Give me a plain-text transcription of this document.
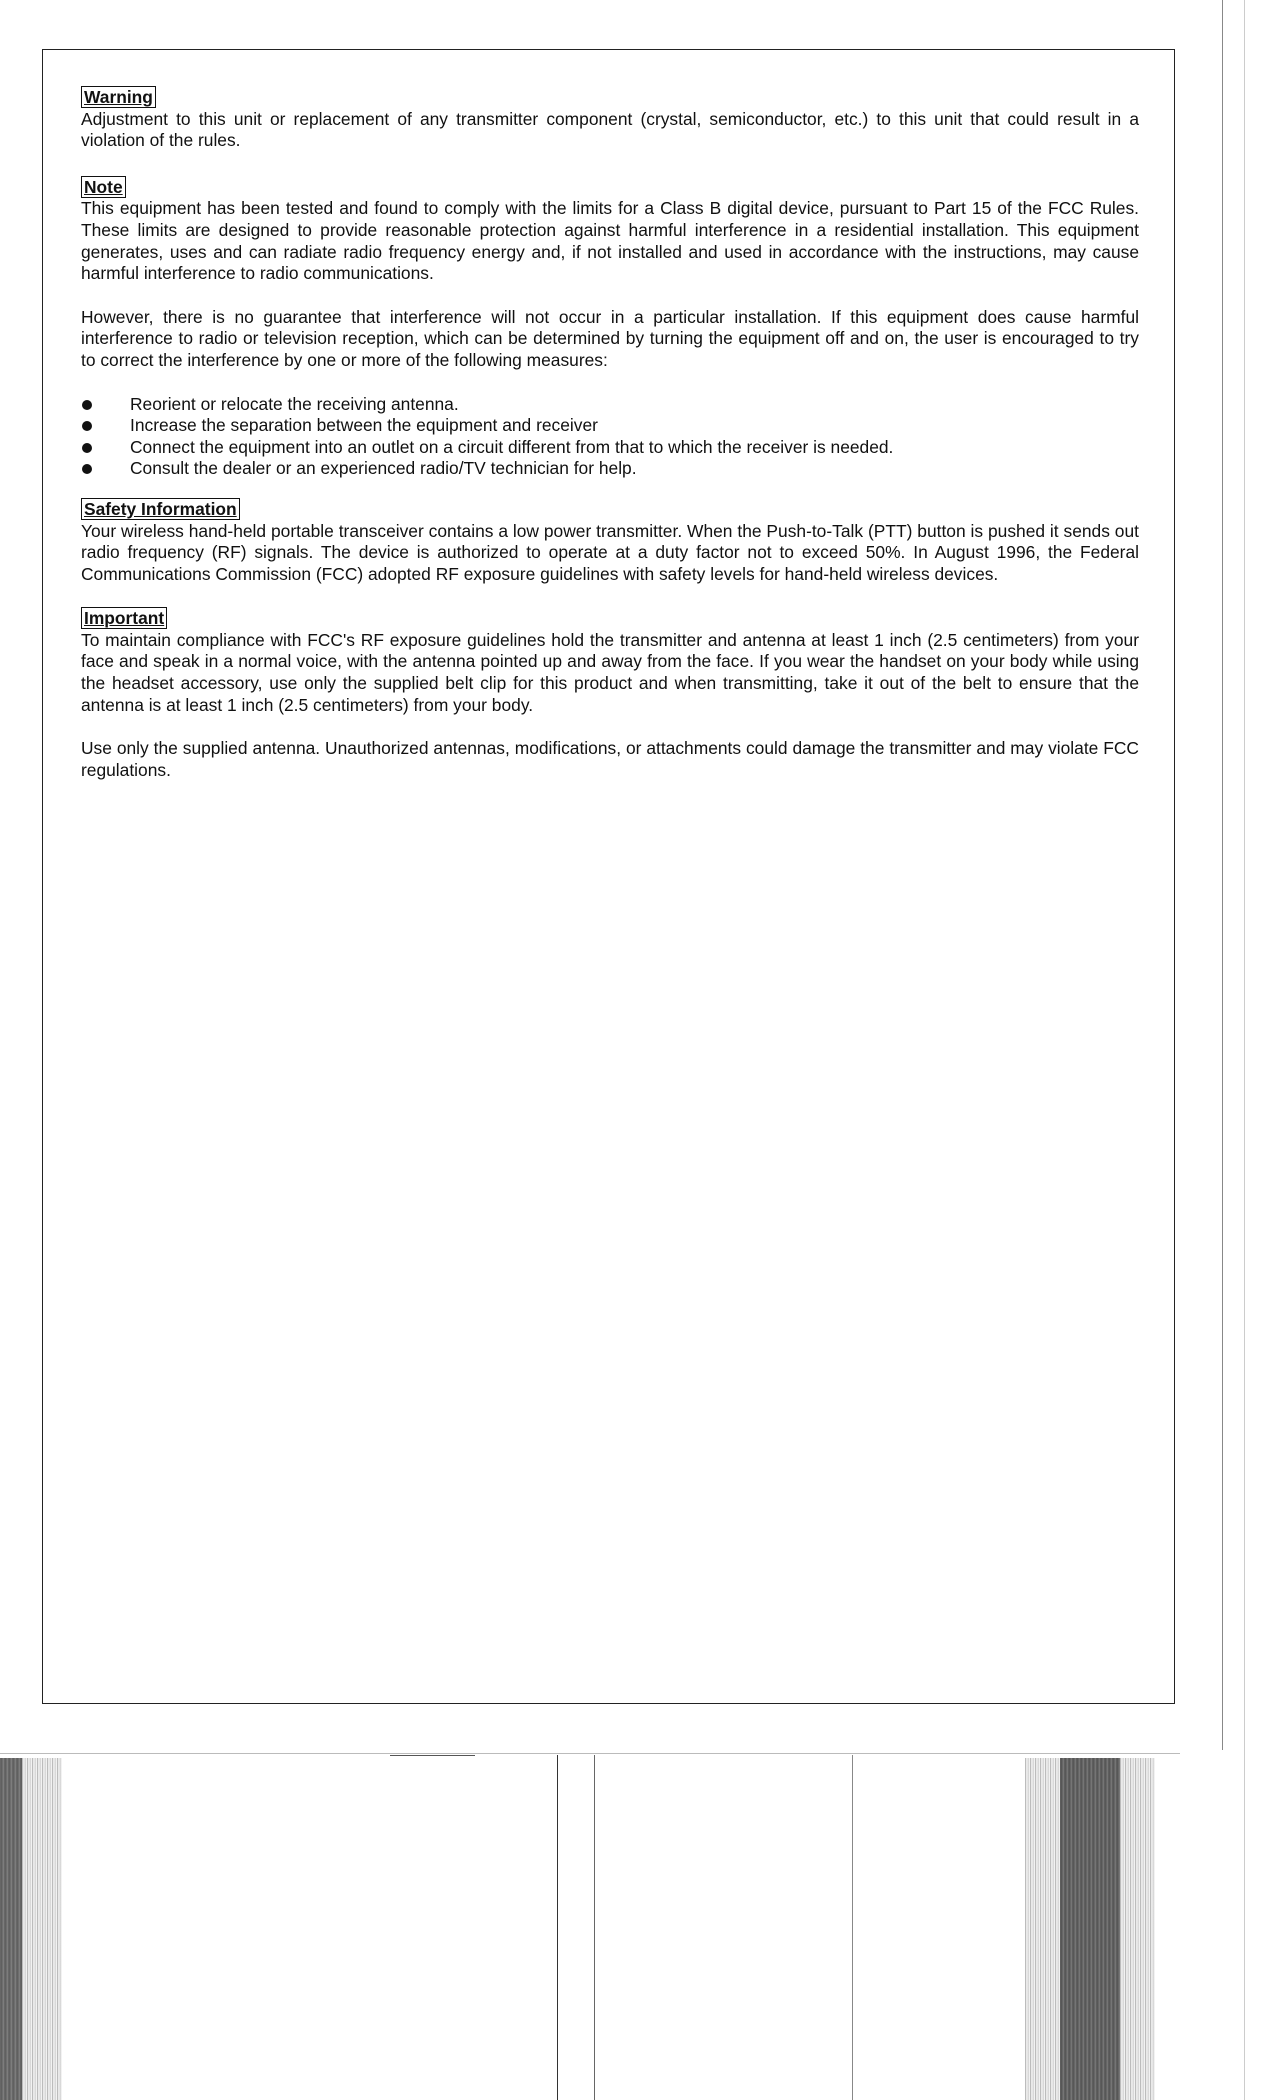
Warning

Adjustment to this unit or replacement of any transmitter component (crystal, semiconductor, etc.) to this unit that could result in a violation of the rules.

Note

This equipment has been tested and found to comply with the limits for a Class B digital device, pursuant to Part 15 of the FCC Rules. These limits are designed to provide reasonable protection against harmful interference in a residential installation. This equipment generates, uses and can radiate radio frequency energy and, if not installed and used in accordance with the instructions, may cause harmful interference to radio communications.

However, there is no guarantee that interference will not occur in a particular installation. If this equipment does cause harmful interference to radio or television reception, which can be determined by turning the equipment off and on, the user is encouraged to try to correct the interference by one or more of the following measures:

Reorient or relocate the receiving antenna.
Increase the separation between the equipment and receiver
Connect the equipment into an outlet on a circuit different from that to which the receiver is needed.
Consult the dealer or an experienced radio/TV technician for help.
Safety Information

Your wireless hand-held portable transceiver contains a low power transmitter. When the Push-to-Talk (PTT) button is pushed it sends out radio frequency (RF) signals. The device is authorized to operate at a duty factor not to exceed 50%. In August 1996, the Federal Communications Commission (FCC) adopted RF exposure guidelines with safety levels for hand-held wireless devices.

Important

To maintain compliance with FCC's RF exposure guidelines hold the transmitter and antenna at least 1 inch (2.5 centimeters) from your face and speak in a normal voice, with the antenna pointed up and away from the face. If you wear the handset on your body while using the headset accessory, use only the supplied belt clip for this product and when transmitting, take it out of the belt to ensure that the antenna is at least 1 inch (2.5 centimeters) from your body.

Use only the supplied antenna. Unauthorized antennas, modifications, or attachments could damage the transmitter and may violate FCC regulations.
